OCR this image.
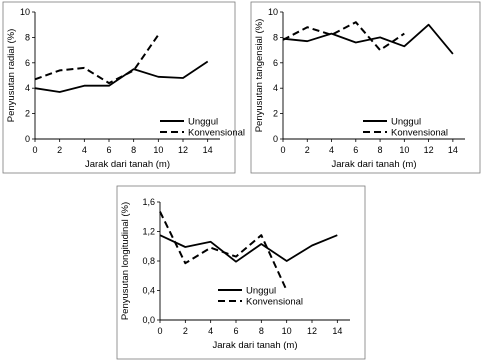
0
2
4
6
8
10
0 2 4 6 8 10 12 14
Jarak dari tanah (m)
Penyusutan radial (%)	Unggul
Konvensional
0
2
4
6
8
10
0 2 4 6 8 10 12 14
Jarak dari tanah (m)
Penyusutan tangensial (%)	Unggul
Konvensional
0,0
0,4
0,8
1,2
1,6
0 2 4 6 8 10 12 14
Jarak dari tanah (m)
Penyusutan longitudinal (%)	Unggul
Konvensional
